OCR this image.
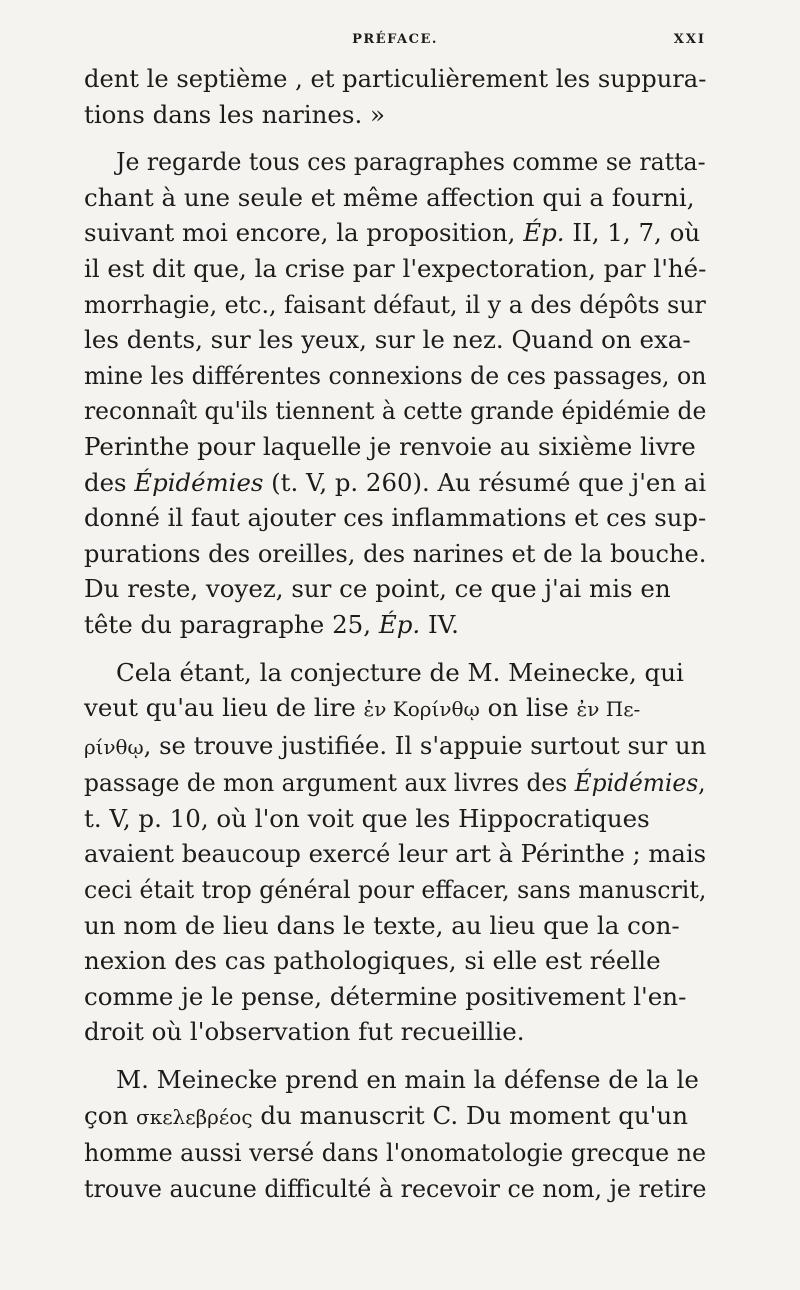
PRÉFACE.	XXI
dent le septième , et particulièrement les suppura-
tions dans les narines. »
Je regarde tous ces paragraphes comme se ratta-
chant à une seule et même affection qui a fourni,
suivant moi encore, la proposition, Ép. II, 1, 7, où
il est dit que, la crise par l'expectoration, par l'hé-
morrhagie, etc., faisant défaut, il y a des dépôts sur
les dents, sur les yeux, sur le nez. Quand on exa-
mine les différentes connexions de ces passages, on
reconnaît qu'ils tiennent à cette grande épidémie de
Perinthe pour laquelle je renvoie au sixième livre
des Épidémies (t. V, p. 260). Au résumé que j'en ai
donné il faut ajouter ces inflammations et ces sup-
purations des oreilles, des narines et de la bouche.
Du reste, voyez, sur ce point, ce que j'ai mis en
tête du paragraphe 25, Ép. IV.
Cela étant, la conjecture de M. Meinecke, qui
veut qu'au lieu de lire ἐν Κορίνθῳ on lise ἐν Πε-
ρίνθῳ, se trouve justifiée. Il s'appuie surtout sur un
passage de mon argument aux livres des Épidémies,
t. V, p. 10, où l'on voit que les Hippocratiques
avaient beaucoup exercé leur art à Périnthe ; mais
ceci était trop général pour effacer, sans manuscrit,
un nom de lieu dans le texte, au lieu que la con-
nexion des cas pathologiques, si elle est réelle
comme je le pense, détermine positivement l'en-
droit où l'observation fut recueillie.
M. Meinecke prend en main la défense de la le
çon σκελεβρέος du manuscrit C. Du moment qu'un
homme aussi versé dans l'onomatologie grecque ne
trouve aucune difficulté à recevoir ce nom, je retire
